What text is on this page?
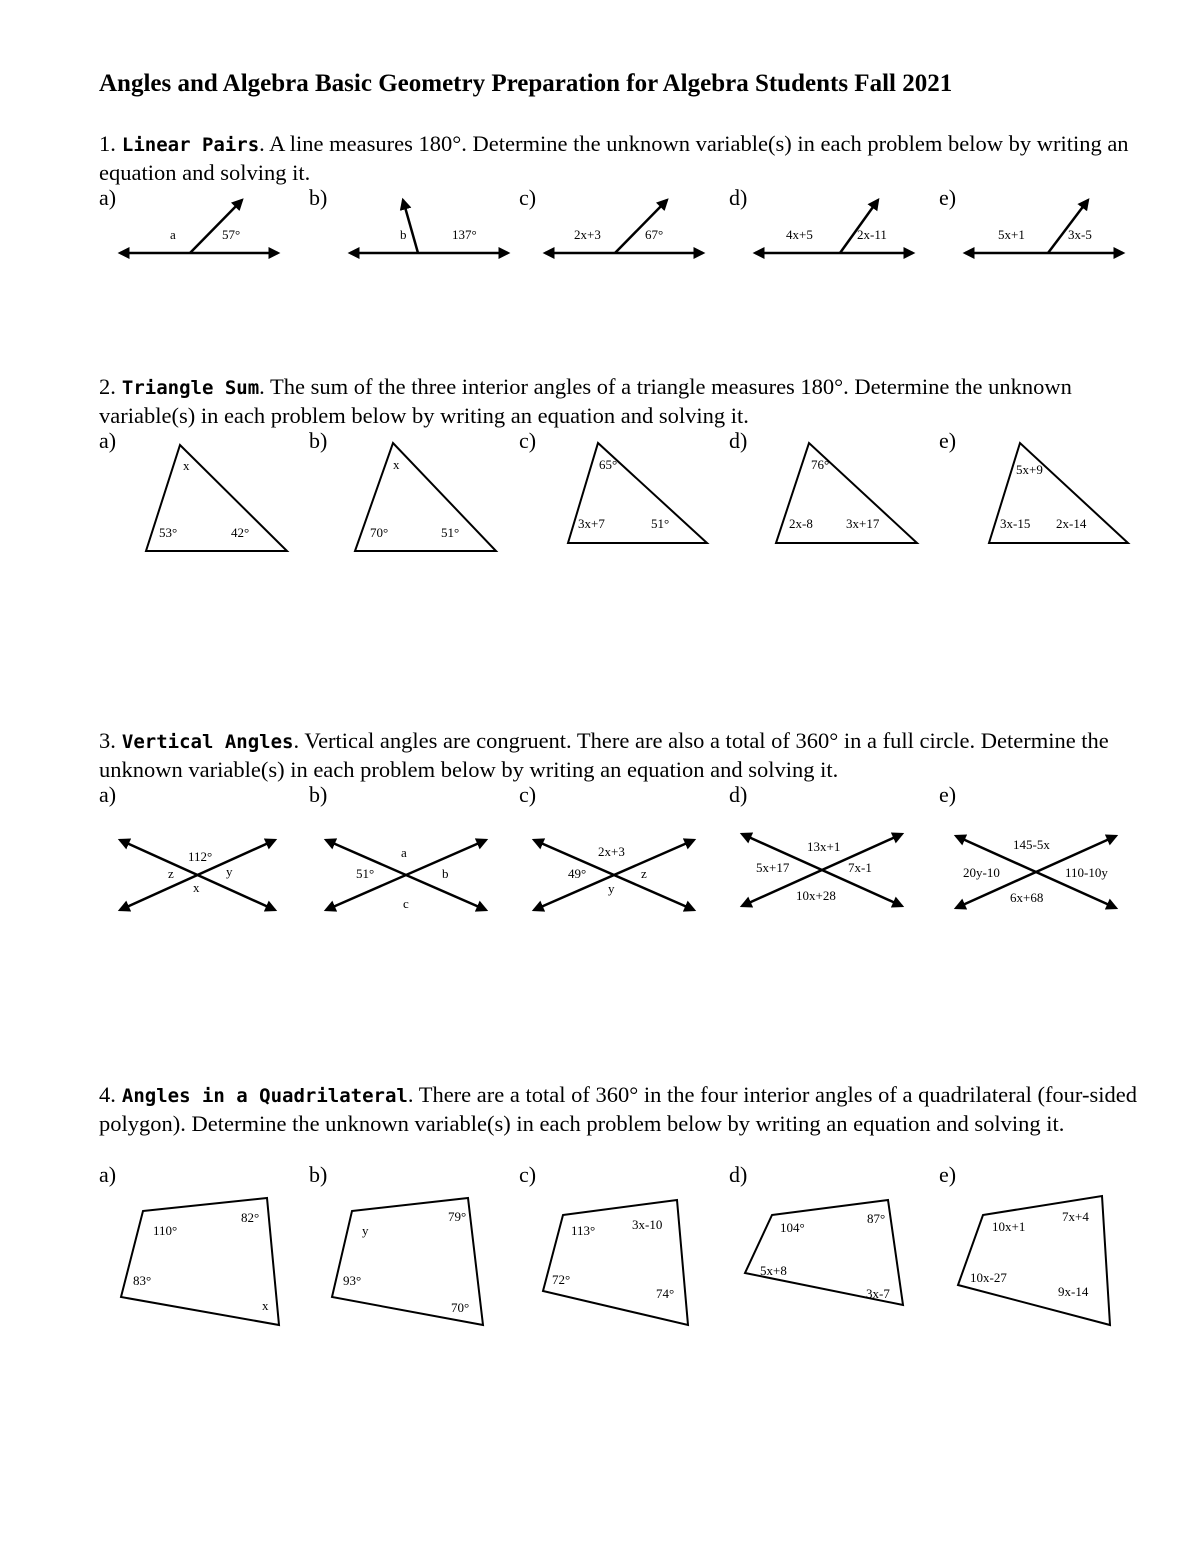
Angles and Algebra Basic Geometry Preparation for Algebra Students Fall 2021
1. Linear Pairs. A line measures 180°. Determine the unknown variable(s) in each problem below by writing an equation and solving it.
a)	b)	c)	d)	e)
2. Triangle Sum. The sum of the three interior angles of a triangle measures 180°. Determine the unknown variable(s) in each problem below by writing an equation and solving it.
a)	b)	c)	d)	e)
3. Vertical Angles. Vertical angles are congruent. There are also a total of 360° in a full circle. Determine the unknown variable(s) in each problem below by writing an equation and solving it.
a)	b)	c)	d)	e)
4. Angles in a Quadrilateral. There are a total of 360° in the four interior angles of a quadrilateral (four-sided polygon). Determine the unknown variable(s) in each problem below by writing an equation and solving it.
a)	b)	c)	d)	e)
a	57°	b	137°	2x+3	67°	4x+5	2x-11	5x+1	3x-5
x
53°	42°
x
70°	51°
65°
3x+7	51°
76°
2x-8	3x+17
5x+9
3x-15 2x-14
112°
z	y
x
a
51°	b
c
2x+3
49°	z
y
13x+1
5x+17	7x-1
10x+28
145-5x
20y-10	110-10y
6x+68
110°
82°
83°
x
y
79°
93°
70°
113°	3x-10
72°
74°
104°
87°
5x+8
3x-7
10x+1
7x+4
10x-27
9x-14
